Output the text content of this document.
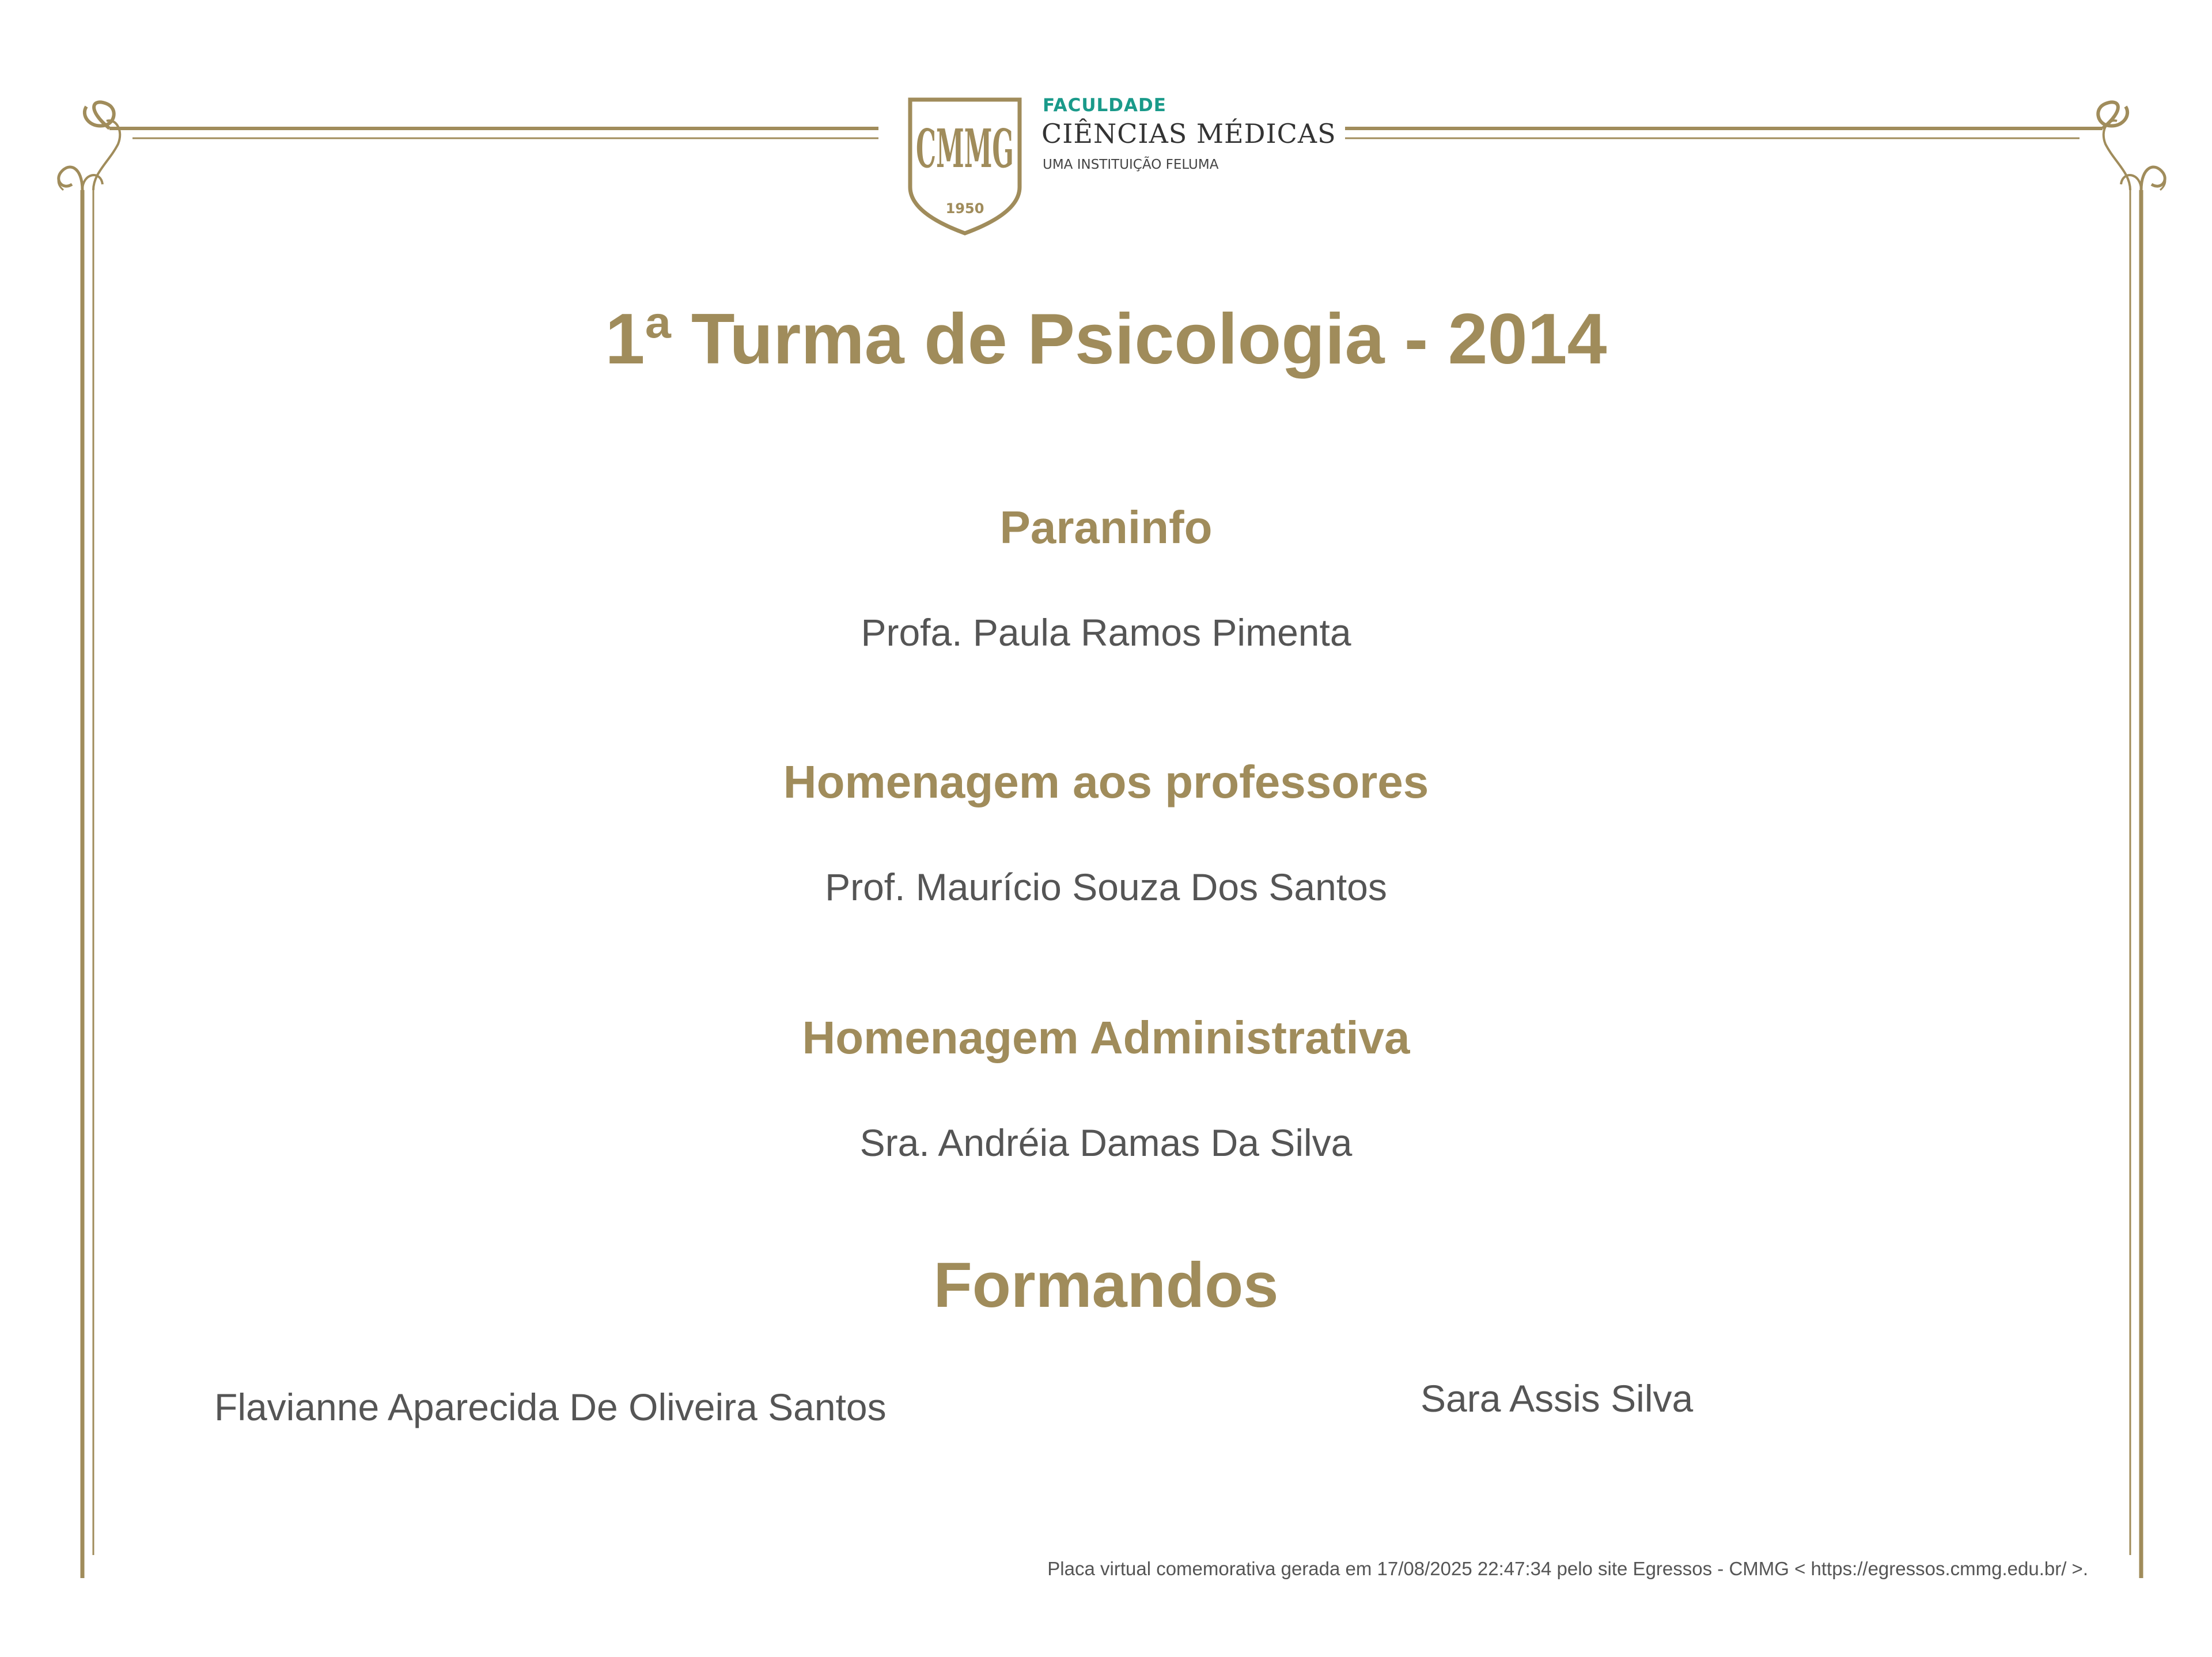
CMMG
1950
FACULDADE
CIÊNCIAS MÉDICAS
UMA INSTITUIÇÃO FELUMA
1ª Turma de Psicologia - 2014
Paraninfo

Profa. Paula Ramos Pimenta

Homenagem aos professores

Prof. Maurício Souza Dos Santos

Homenagem Administrativa

Sra. Andréia Damas Da Silva

Formandos

Flavianne Aparecida De Oliveira Santos	Sara Assis Silva

Placa virtual comemorativa gerada em 17/08/2025 22:47:34 pelo site Egressos - CMMG < https://egressos.cmmg.edu.br/ >.
